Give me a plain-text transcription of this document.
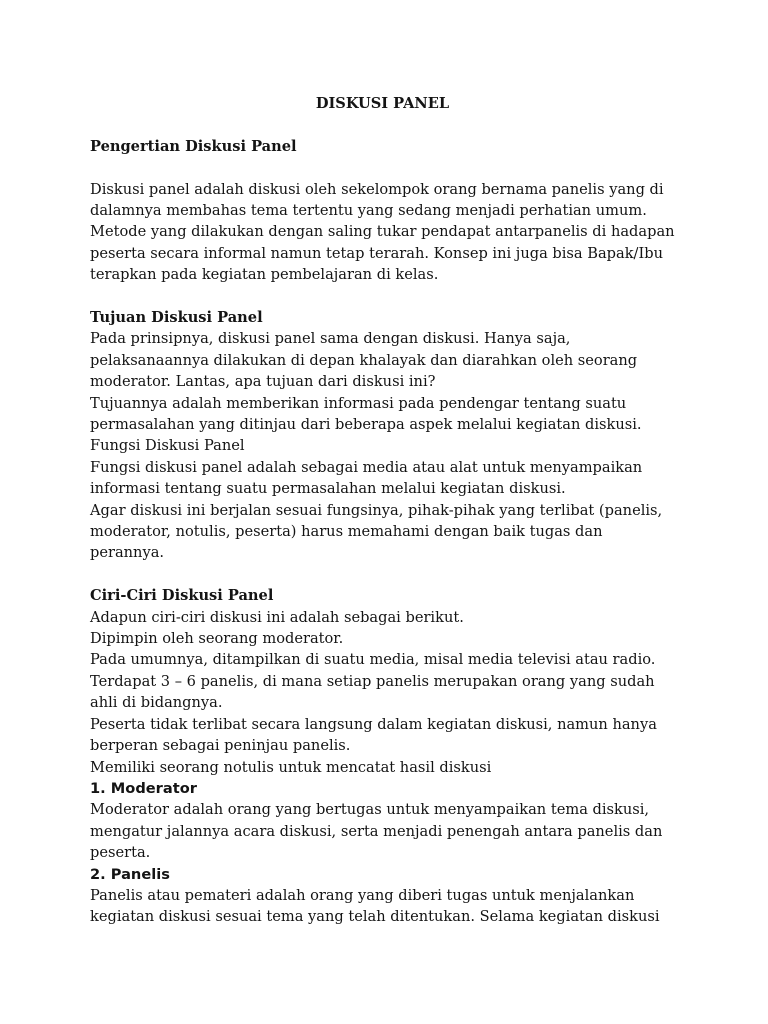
DISKUSI PANEL

Pengertian Diskusi Panel

Diskusi panel adalah diskusi oleh sekelompok orang bernama panelis yang di

dalamnya membahas tema tertentu yang sedang menjadi perhatian umum.

Metode yang dilakukan dengan saling tukar pendapat antarpanelis di hadapan

peserta secara informal namun tetap terarah. Konsep ini juga bisa Bapak/Ibu

terapkan pada kegiatan pembelajaran di kelas.

Tujuan Diskusi Panel

Pada prinsipnya, diskusi panel sama dengan diskusi. Hanya saja,

pelaksanaannya dilakukan di depan khalayak dan diarahkan oleh seorang

moderator. Lantas, apa tujuan dari diskusi ini?

Tujuannya adalah memberikan informasi pada pendengar tentang suatu

permasalahan yang ditinjau dari beberapa aspek melalui kegiatan diskusi.

Fungsi Diskusi Panel

Fungsi diskusi panel adalah sebagai media atau alat untuk menyampaikan

informasi tentang suatu permasalahan melalui kegiatan diskusi.

Agar diskusi ini berjalan sesuai fungsinya, pihak-pihak yang terlibat (panelis,

moderator, notulis, peserta) harus memahami dengan baik tugas dan

perannya.

Ciri-Ciri Diskusi Panel

Adapun ciri-ciri diskusi ini adalah sebagai berikut.

Dipimpin oleh seorang moderator.

Pada umumnya, ditampilkan di suatu media, misal media televisi atau radio.

Terdapat 3 – 6 panelis, di mana setiap panelis merupakan orang yang sudah

ahli di bidangnya.

Peserta tidak terlibat secara langsung dalam kegiatan diskusi, namun hanya

berperan sebagai peninjau panelis.

Memiliki seorang notulis untuk mencatat hasil diskusi

1. Moderator

Moderator adalah orang yang bertugas untuk menyampaikan tema diskusi,

mengatur jalannya acara diskusi, serta menjadi penengah antara panelis dan

peserta.

2. Panelis

Panelis atau pemateri adalah orang yang diberi tugas untuk menjalankan

kegiatan diskusi sesuai tema yang telah ditentukan. Selama kegiatan diskusi
